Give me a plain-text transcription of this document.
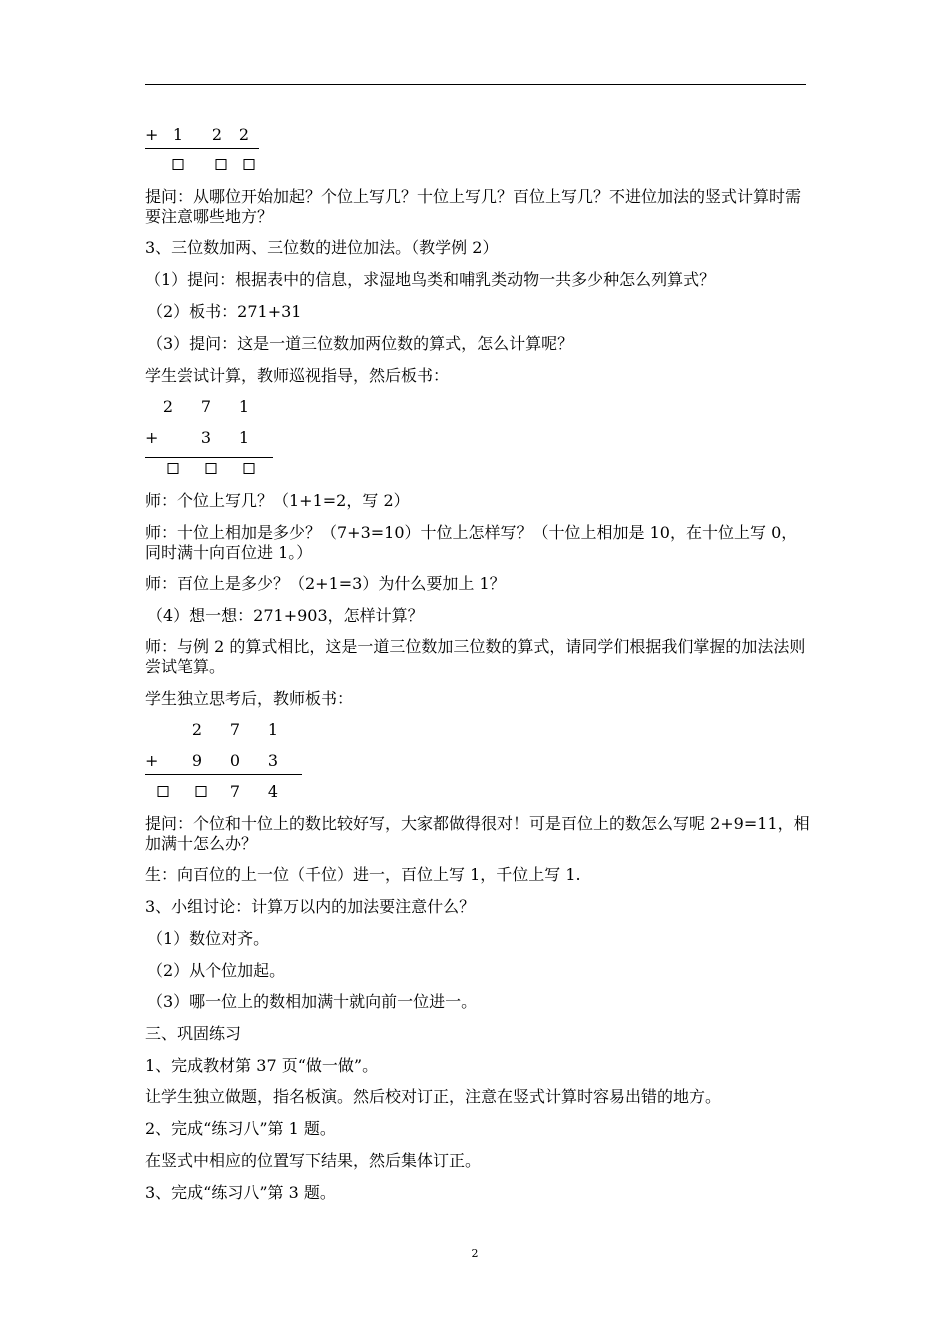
+ 1 2 2
提问：从哪位开始加起？个位上写几？十位上写几？百位上写几？不进位加法的竖式计算时需要注意哪些地方？
3、三位数加两、三位数的进位加法。（教学例 2）
（1）提问：根据表中的信息，求湿地鸟类和哺乳类动物一共多少种怎么列算式？
（2）板书：271+31
（3）提问：这是一道三位数加两位数的算式，怎么计算呢？
学生尝试计算，教师巡视指导，然后板书：
2 7 1
+	3 1
师：个位上写几？（1+1=2，写 2）
师：十位上相加是多少？（7+3=10）十位上怎样写？（十位上相加是 10，在十位上写 0，同时满十向百位进 1。）
师：百位上是多少？（2+1=3）为什么要加上 1？
（4）想一想：271+903，怎样计算？
师：与例 2 的算式相比，这是一道三位数加三位数的算式，请同学们根据我们掌握的加法法则尝试笔算。
学生独立思考后，教师板书：
2 7 1
+ 9 0 3
7 4
提问：个位和十位上的数比较好写，大家都做得很对！可是百位上的数怎么写呢 2+9=11，相加满十怎么办？
生：向百位的上一位（千位）进一，百位上写 1，千位上写 1.
3、小组讨论：计算万以内的加法要注意什么？
（1）数位对齐。
（2）从个位加起。
（3）哪一位上的数相加满十就向前一位进一。
三、巩固练习
1、完成教材第 37 页“做一做”。
让学生独立做题，指名板演。然后校对订正，注意在竖式计算时容易出错的地方。
2、完成“练习八”第 1 题。
在竖式中相应的位置写下结果，然后集体订正。
3、完成“练习八”第 3 题。
2
